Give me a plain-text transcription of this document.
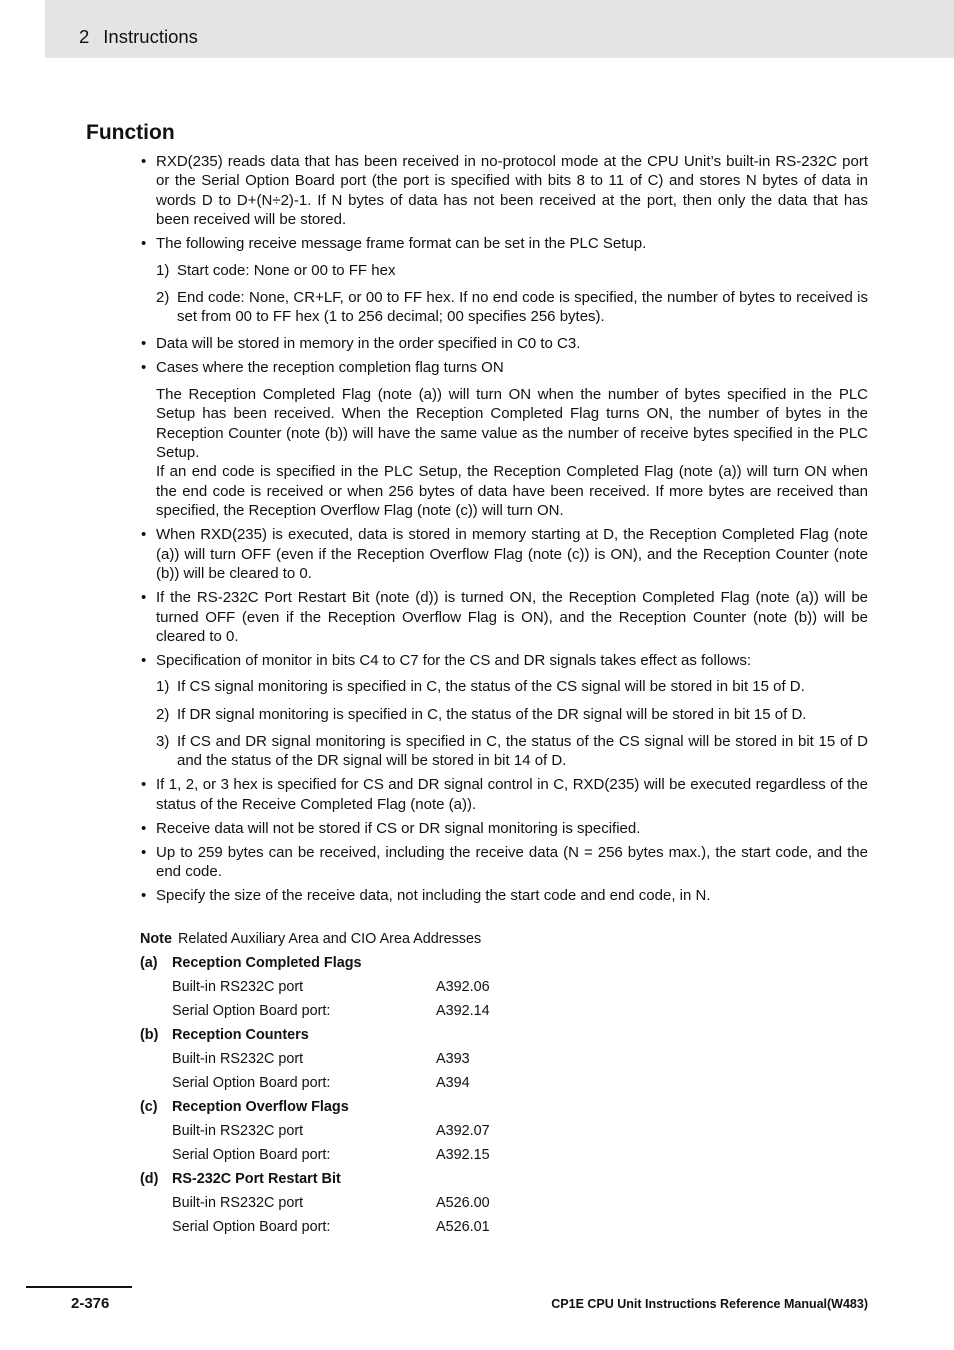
2 Instructions
Function

• RXD(235) reads data that has been received in no-protocol mode at the CPU Unit’s built-in RS-232C port or the Serial Option Board port (the port is specified with bits 8 to 11 of C) and stores N bytes of data in words D to D+(N÷2)-1. If N bytes of data has not been received at the port, then only the data that has been received will be stored.

• The following receive message frame format can be set in the PLC Setup.

1) Start code: None or 00 to FF hex

2) End code: None, CR+LF, or 00 to FF hex. If no end code is specified, the number of bytes to received is set from 00 to FF hex (1 to 256 decimal; 00 specifies 256 bytes).

• Data will be stored in memory in the order specified in C0 to C3.

• Cases where the reception completion flag turns ON

The Reception Completed Flag (note (a)) will turn ON when the number of bytes specified in the PLC Setup has been received. When the Reception Completed Flag turns ON, the number of bytes in the Reception Counter (note (b)) will have the same value as the number of receive bytes specified in the PLC Setup.

If an end code is specified in the PLC Setup, the Reception Completed Flag (note (a)) will turn ON when the end code is received or when 256 bytes of data have been received. If more bytes are received than specified, the Reception Overflow Flag (note (c)) will turn ON.

• When RXD(235) is executed, data is stored in memory starting at D, the Reception Completed Flag (note (a)) will turn OFF (even if the Reception Overflow Flag (note (c)) is ON), and the Reception Counter (note (b)) will be cleared to 0.

• If the RS-232C Port Restart Bit (note (d)) is turned ON, the Reception Completed Flag (note (a)) will be turned OFF (even if the Reception Overflow Flag is ON), and the Reception Counter (note (b)) will be cleared to 0.

• Specification of monitor in bits C4 to C7 for the CS and DR signals takes effect as follows:

1) If CS signal monitoring is specified in C, the status of the CS signal will be stored in bit 15 of D.

2) If DR signal monitoring is specified in C, the status of the DR signal will be stored in bit 15 of D.

3) If CS and DR signal monitoring is specified in C, the status of the CS signal will be stored in bit 15 of D and the status of the DR signal will be stored in bit 14 of D.

• If 1, 2, or 3 hex is specified for CS and DR signal control in C, RXD(235) will be executed regardless of the status of the Receive Completed Flag (note (a)).

• Receive data will not be stored if CS or DR signal monitoring is specified.

• Up to 259 bytes can be received, including the receive data (N = 256 bytes max.), the start code, and the end code.

• Specify the size of the receive data, not including the start code and end code, in N.

Note Related Auxiliary Area and CIO Area Addresses
(a) Reception Completed Flags
Built-in RS232C port	A392.06
Serial Option Board port:	A392.14
(b) Reception Counters
Built-in RS232C port	A393
Serial Option Board port:	A394
(c) Reception Overflow Flags
Built-in RS232C port	A392.07
Serial Option Board port:	A392.15
(d) RS-232C Port Restart Bit
Built-in RS232C port	A526.00
Serial Option Board port:	A526.01
2-376	CP1E CPU Unit Instructions Reference Manual(W483)
